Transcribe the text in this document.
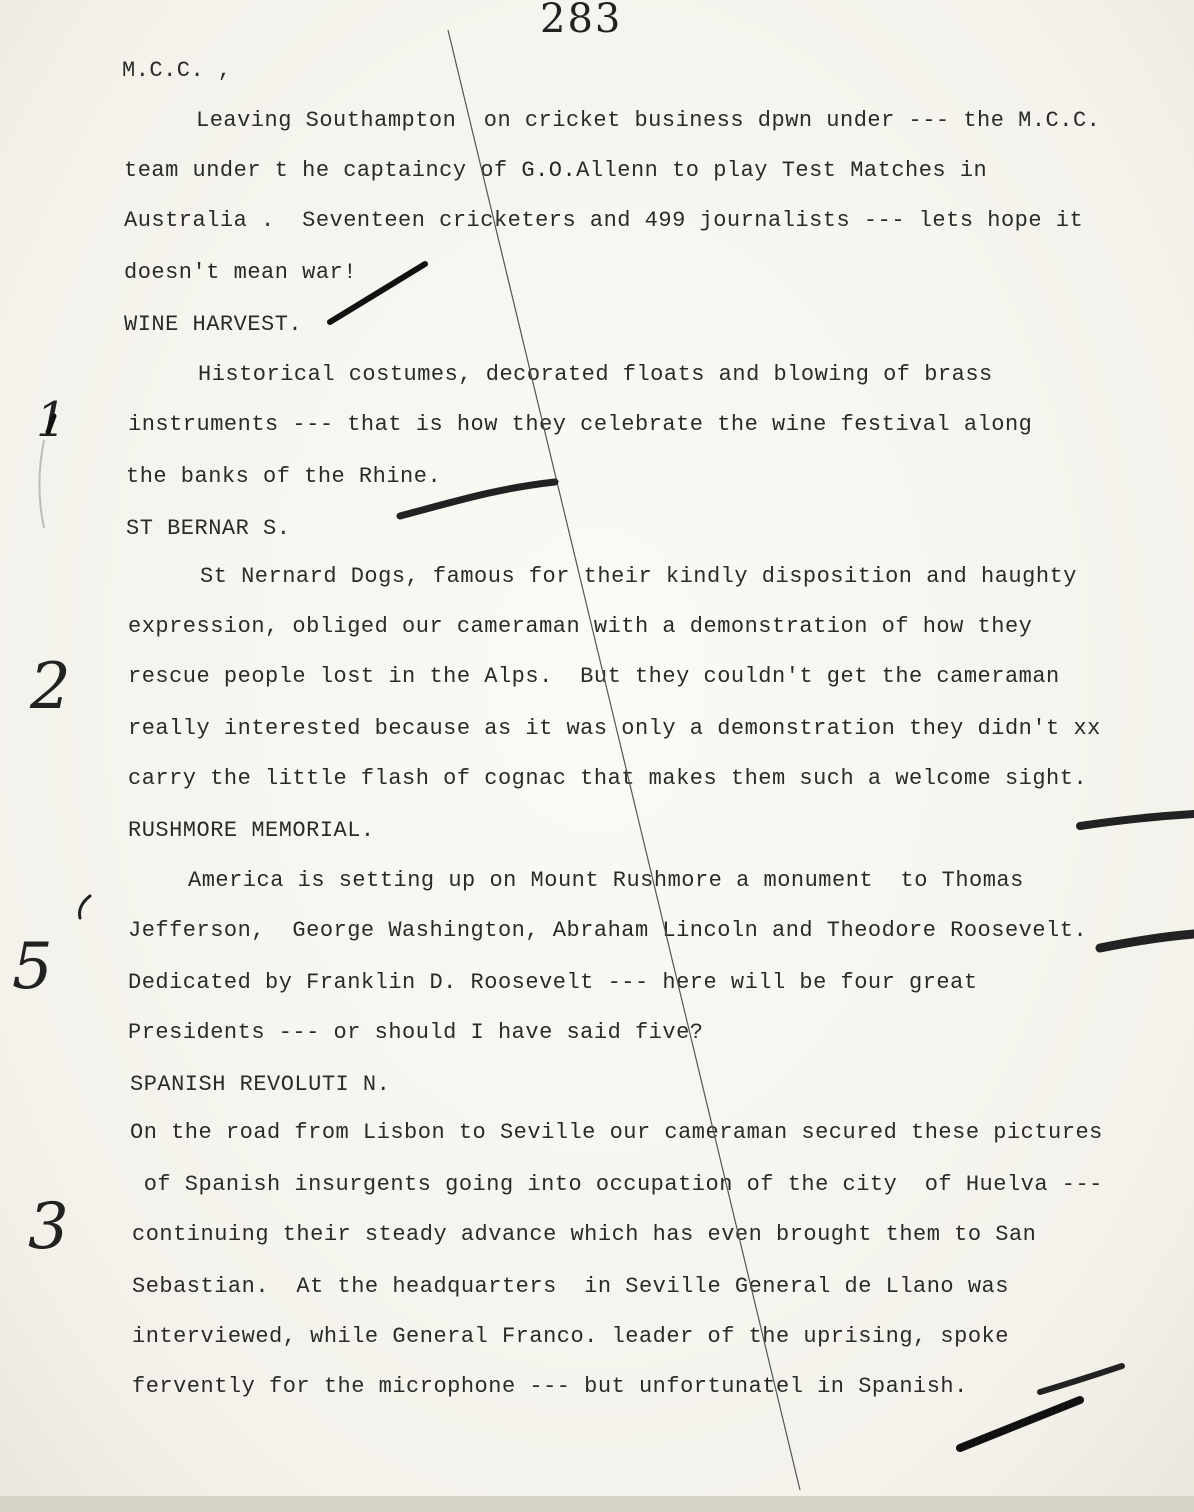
283
M.C.C. ,
Leaving Southampton  on cricket business dpwn under --- the M.C.C.
team under t he captaincy of G.O.Allenn to play Test Matches in
Australia .  Seventeen cricketers and 499 journalists --- lets hope it
doesn't mean war!
WINE HARVEST.
Historical costumes, decorated floats and blowing of brass
instruments --- that is how they celebrate the wine festival along
the banks of the Rhine.
ST BERNAR S.
St Nernard Dogs, famous for their kindly disposition and haughty
expression, obliged our cameraman with a demonstration of how they
rescue people lost in the Alps.  But they couldn't get the cameraman
really interested because as it was only a demonstration they didn't xx
carry the little flash of cognac that makes them such a welcome sight.
RUSHMORE MEMORIAL.
America is setting up on Mount Rushmore a monument  to Thomas
Jefferson,  George Washington, Abraham Lincoln and Theodore Roosevelt.
Dedicated by Franklin D. Roosevelt --- here will be four great
Presidents --- or should I have said five?
SPANISH REVOLUTI N.
On the road from Lisbon to Seville our cameraman secured these pictures
of Spanish insurgents going into occupation of the city  of Huelva ---
continuing their steady advance which has even brought them to San
Sebastian.  At the headquarters  in Seville General de Llano was
interviewed, while General Franco. leader of the uprising, spoke
fervently for the microphone --- but unfortunatel in Spanish.
1
2
5
3
